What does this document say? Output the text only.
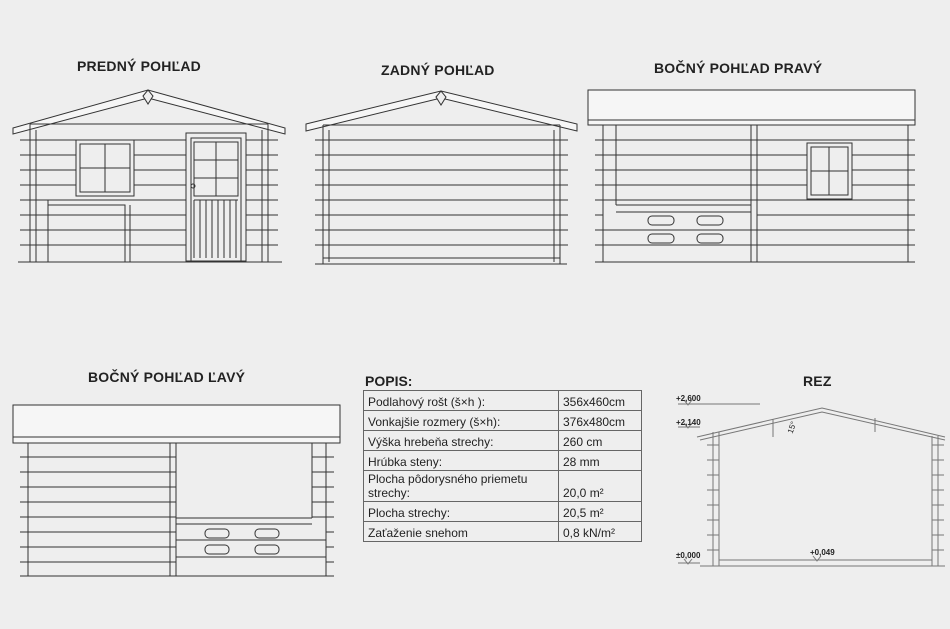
PREDNÝ POHĽAD	ZADNÝ POHĽAD	BOČNÝ POHĽAD PRAVÝ
BOČNÝ POHĽAD ĽAVÝ	REZ
+2,600
+2,140
±0,000	+0,049
15°
POPIS:
Podlahový rošt (š×h ):	356x460cm
Vonkajšie rozmery (š×h):	376x480cm
Výška hrebeňa strechy:	260 cm
Hrúbka steny:	28 mm
Plocha pôdorysného priemetu strechy:	20,0 m²
Plocha strechy:	20,5 m²
Zaťaženie snehom	0,8 kN/m²
